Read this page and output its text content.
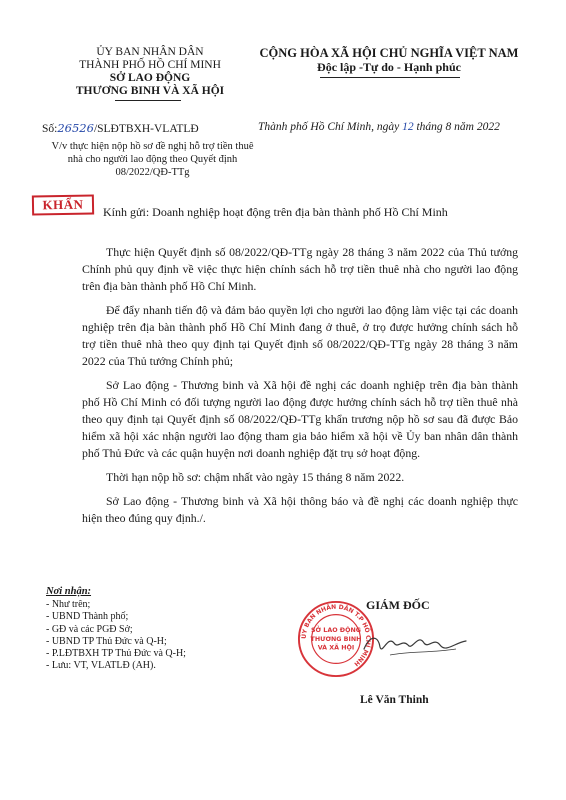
ỦY BAN NHÂN DÂN
THÀNH PHỐ HỒ CHÍ MINH
SỞ LAO ĐỘNG
THƯƠNG BINH VÀ XÃ HỘI
CỘNG HÒA XÃ HỘI CHỦ NGHĨA VIỆT NAM
Độc lập -Tự do - Hạnh phúc
Số:26526/SLĐTBXH-VLATLĐ	Thành phố Hồ Chí Minh, ngày 12 tháng 8 năm 2022
V/v thực hiện nộp hồ sơ đề nghị hỗ trợ tiền thuê nhà cho người lao động theo Quyết định 08/2022/QĐ-TTg
KHẨN	Kính gửi: Doanh nghiệp hoạt động trên địa bàn thành phố Hồ Chí Minh

Thực hiện Quyết định số 08/2022/QĐ-TTg ngày 28 tháng 3 năm 2022 của Thủ tướng Chính phủ quy định về việc thực hiện chính sách hỗ trợ tiền thuê nhà cho người lao động trên địa bàn thành phố Hồ Chí Minh.

Để đẩy nhanh tiến độ và đảm bảo quyền lợi cho người lao động làm việc tại các doanh nghiệp trên địa bàn thành phố Hồ Chí Minh đang ở thuê, ở trọ được hưởng chính sách hỗ trợ tiền thuê nhà theo quy định tại Quyết định số 08/2022/QĐ-TTg ngày 28 tháng 3 năm 2022 của Thủ tướng Chính phủ;

Sở Lao động - Thương binh và Xã hội đề nghị các doanh nghiệp trên địa bàn thành phố Hồ Chí Minh có đối tượng người lao động được hưởng chính sách hỗ trợ tiền thuê nhà theo quy định tại Quyết định số 08/2022/QĐ-TTg khẩn trương nộp hồ sơ sau đã được Bảo hiểm xã hội xác nhận người lao động tham gia bảo hiểm xã hội về Ủy ban nhân dân thành phố Thủ Đức và các quận huyện nơi doanh nghiệp đặt trụ sở hoạt động.

Thời hạn nộp hồ sơ: chậm nhất vào ngày 15 tháng 8 năm 2022.

Sở Lao động - Thương binh và Xã hội thông báo và đề nghị các doanh nghiệp thực hiện theo đúng quy định./.

Nơi nhận:
- Như trên;
- UBND Thành phố;
- GĐ và các PGĐ Sở;
- UBND TP Thủ Đức và Q-H;
- P.LĐTBXH TP Thủ Đức và Q-H;
- Lưu: VT, VLATLĐ (AH).
ỦY BAN NHÂN DÂN T.P HỒ CHÍ MINH
SỞ LAO ĐỘNG
THƯƠNG BINH
VÀ XÃ HỘI
GIÁM ĐỐC
Lê Văn Thinh
